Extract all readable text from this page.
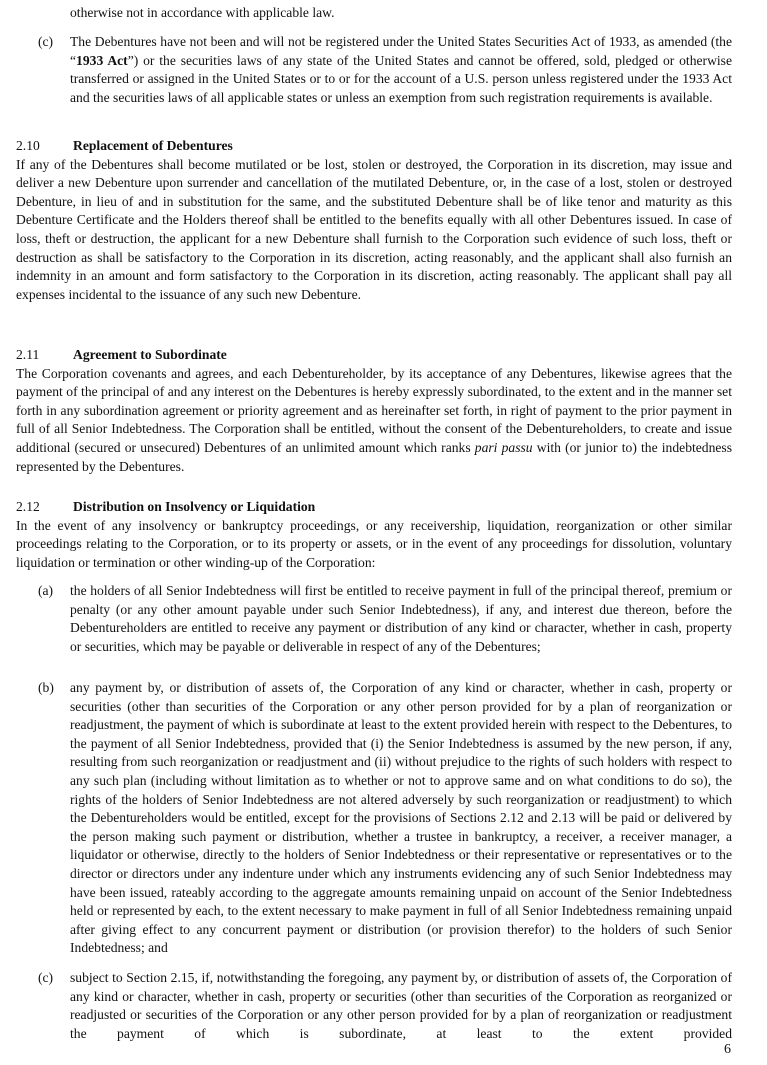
otherwise not in accordance with applicable law.
(c) The Debentures have not been and will not be registered under the United States Securities Act of 1933, as amended (the “1933 Act”) or the securities laws of any state of the United States and cannot be offered, sold, pledged or otherwise transferred or assigned in the United States or to or for the account of a U.S. person unless registered under the 1933 Act and the securities laws of all applicable states or unless an exemption from such registration requirements is available.
2.10 Replacement of Debentures
If any of the Debentures shall become mutilated or be lost, stolen or destroyed, the Corporation in its discretion, may issue and deliver a new Debenture upon surrender and cancellation of the mutilated Debenture, or, in the case of a lost, stolen or destroyed Debenture, in lieu of and in substitution for the same, and the substituted Debenture shall be of like tenor and maturity as this Debenture Certificate and the Holders thereof shall be entitled to the benefits equally with all other Debentures issued. In case of loss, theft or destruction, the applicant for a new Debenture shall furnish to the Corporation such evidence of such loss, theft or destruction as shall be satisfactory to the Corporation in its discretion, acting reasonably, and the applicant shall also furnish an indemnity in an amount and form satisfactory to the Corporation in its discretion, acting reasonably. The applicant shall pay all expenses incidental to the issuance of any such new Debenture.
2.11 Agreement to Subordinate
The Corporation covenants and agrees, and each Debentureholder, by its acceptance of any Debentures, likewise agrees that the payment of the principal of and any interest on the Debentures is hereby expressly subordinated, to the extent and in the manner set forth in any subordination agreement or priority agreement and as hereinafter set forth, in right of payment to the prior payment in full of all Senior Indebtedness. The Corporation shall be entitled, without the consent of the Debentureholders, to create and issue additional (secured or unsecured) Debentures of an unlimited amount which ranks pari passu with (or junior to) the indebtedness represented by the Debentures.
2.12 Distribution on Insolvency or Liquidation
In the event of any insolvency or bankruptcy proceedings, or any receivership, liquidation, reorganization or other similar proceedings relating to the Corporation, or to its property or assets, or in the event of any proceedings for dissolution, voluntary liquidation or termination or other winding-up of the Corporation:
(a) the holders of all Senior Indebtedness will first be entitled to receive payment in full of the principal thereof, premium or penalty (or any other amount payable under such Senior Indebtedness), if any, and interest due thereon, before the Debentureholders are entitled to receive any payment or distribution of any kind or character, whether in cash, property or securities, which may be payable or deliverable in respect of any of the Debentures;
(b) any payment by, or distribution of assets of, the Corporation of any kind or character, whether in cash, property or securities (other than securities of the Corporation or any other person provided for by a plan of reorganization or readjustment, the payment of which is subordinate at least to the extent provided herein with respect to the Debentures, to the payment of all Senior Indebtedness, provided that (i) the Senior Indebtedness is assumed by the new person, if any, resulting from such reorganization or readjustment and (ii) without prejudice to the rights of such holders with respect to any such plan (including without limitation as to whether or not to approve same and on what conditions to do so), the rights of the holders of Senior Indebtedness are not altered adversely by such reorganization or readjustment) to which the Debentureholders would be entitled, except for the provisions of Sections 2.12 and 2.13 will be paid or delivered by the person making such payment or distribution, whether a trustee in bankruptcy, a receiver, a receiver manager, a liquidator or otherwise, directly to the holders of Senior Indebtedness or their representative or representatives or to the director or directors under any indenture under which any instruments evidencing any of such Senior Indebtedness may have been issued, rateably according to the aggregate amounts remaining unpaid on account of the Senior Indebtedness held or represented by each, to the extent necessary to make payment in full of all Senior Indebtedness remaining unpaid after giving effect to any concurrent payment or distribution (or provision therefor) to the holders of such Senior Indebtedness; and
(c) subject to Section 2.15, if, notwithstanding the foregoing, any payment by, or distribution of assets of, the Corporation of any kind or character, whether in cash, property or securities (other than securities of the Corporation as reorganized or readjusted or securities of the Corporation or any other person provided for by a plan of reorganization or readjustment the payment of which is subordinate, at least to the extent provided
6
